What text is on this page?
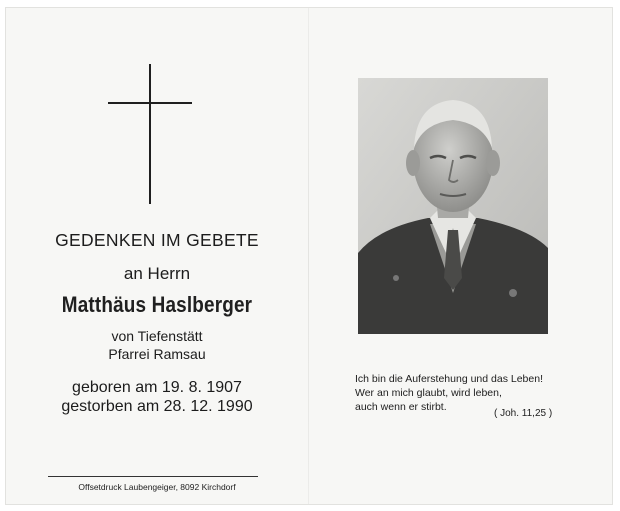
GEDENKEN IM GEBETE
an Herrn
Matthäus Haslberger
von Tiefenstätt
Pfarrei Ramsau
geboren am 19. 8. 1907
gestorben am 28. 12. 1990
Offsetdruck Laubengeiger, 8092 Kirchdorf
Ich bin die Auferstehung und das Leben!
Wer an mich glaubt, wird leben,
auch wenn er stirbt.
( Joh. 11,25 )
